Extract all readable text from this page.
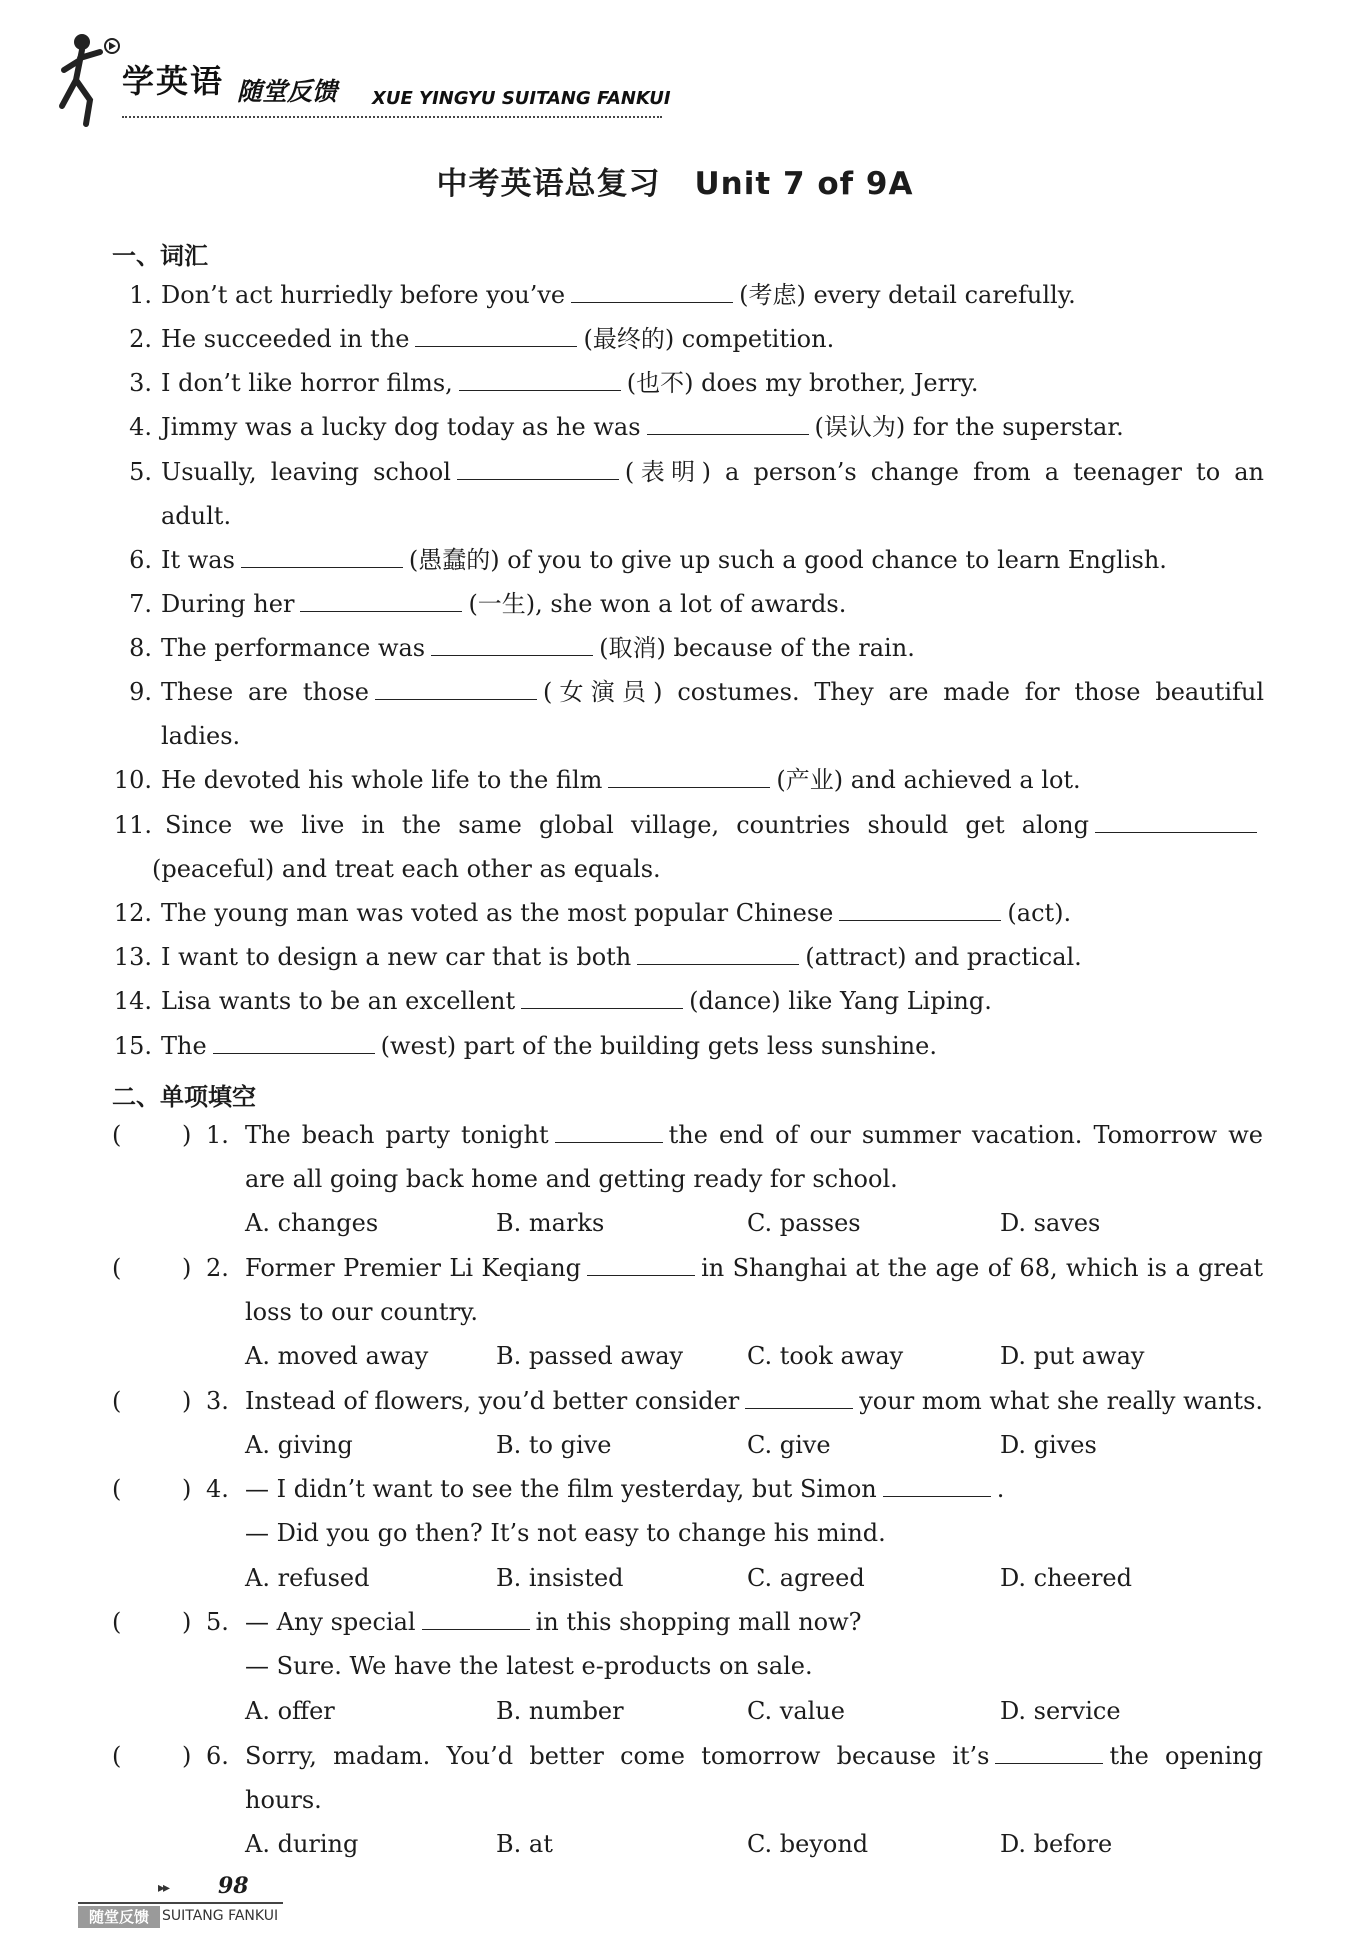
学英语 随堂反馈 XUE YINGYU SUITANG FANKUI
中考英语总复习 Unit 7 of 9A
一、词汇
1. Don’t act hurriedly before you’ve	(考虑) every detail carefully.
2. He succeeded in the	(最终的) competition.
3. I don’t like horror films,	(也不) does my brother, Jerry.
4. Jimmy was a lucky dog today as he was	(误认为) for the superstar.
5. Usually, leaving school	(表明) a person’s change from a teenager to an
adult.
6. It was	(愚蠢的) of you to give up such a good chance to learn English.
7. During her	(一生), she won a lot of awards.
8. The performance was	(取消) because of the rain.
9. These are those	(女演员) costumes. They are made for those beautiful
ladies.
10. He devoted his whole life to the film	(产业) and achieved a lot.
11. Since we live in the same global village, countries should get along
(peaceful) and treat each other as equals.
12. The young man was voted as the most popular Chinese	(act).
13. I want to design a new car that is both	(attract) and practical.
14. Lisa wants to be an excellent	(dance) like Yang Liping.
15. The	(west) part of the building gets less sunshine.
二、单项填空
(	) 1. The beach party tonight	the end of our summer vacation. Tomorrow we
are all going back home and getting ready for school.
A. changes	B. marks	C. passes	D. saves
(	) 2. Former Premier Li Keqiang	in Shanghai at the age of 68, which is a great
loss to our country.
A. moved away	B. passed away	C. took away	D. put away
(	) 3. Instead of flowers, you’d better consider	your mom what she really wants.
A. giving	B. to give	C. give	D. gives
(	) 4. — I didn’t want to see the film yesterday, but Simon	.
— Did you go then? It’s not easy to change his mind.
A. refused	B. insisted	C. agreed	D. cheered
(	) 5. — Any special	in this shopping mall now?
— Sure. We have the latest e-products on sale.
A. offer	B. number	C. value	D. service
(	) 6. Sorry, madam. You’d better come tomorrow because it’s	the opening
hours.
A. during	B. at	C. beyond	D. before
▸▸ 98
随堂反馈 SUITANG FANKUI
